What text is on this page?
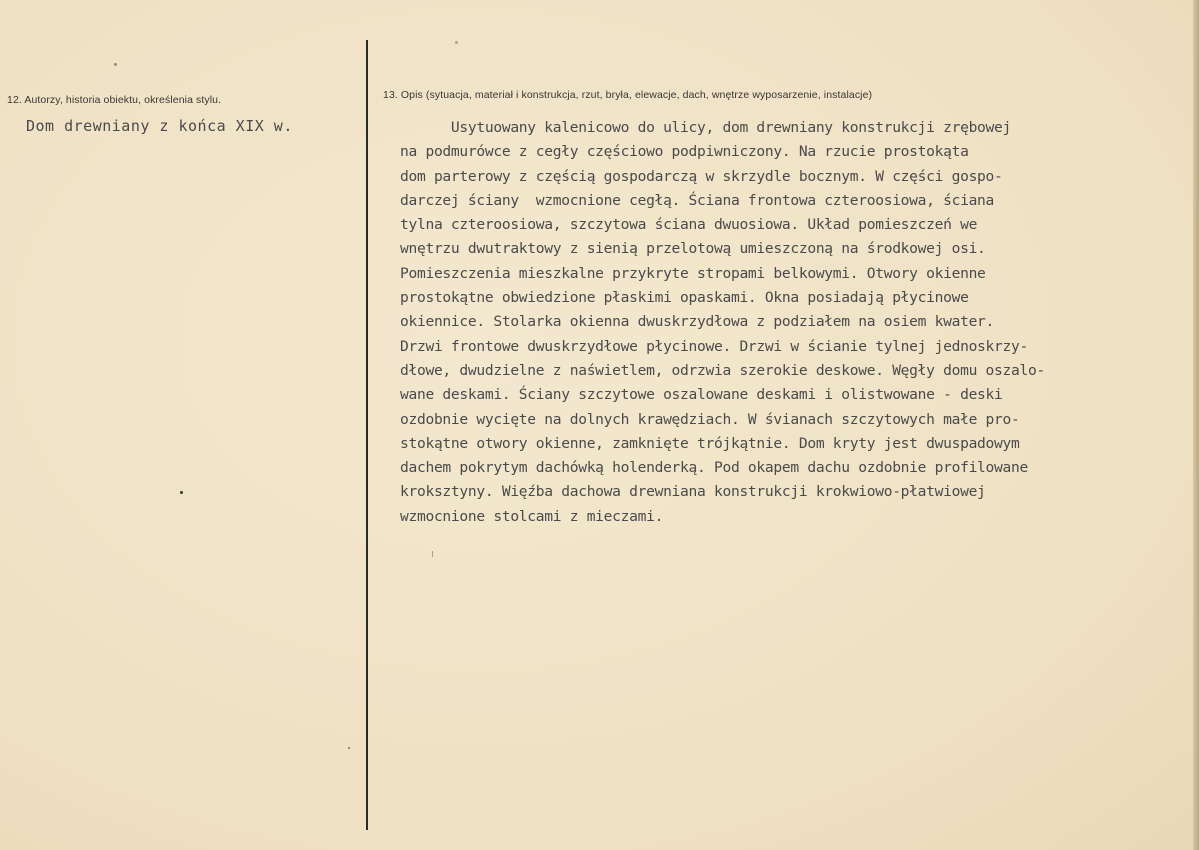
12. Autorzy, historia obiektu, określenia stylu.
Dom drewniany z końca XIX w.
13. Opis (sytuacja, materiał i konstrukcja, rzut, bryła, elewacje, dach, wnętrze wyposarzenie, instalacje)
Usytuowany kalenicowo do ulicy, dom drewniany konstrukcji zrębowej
na podmurówce z cegły częściowo podpiwniczony. Na rzucie prostokąta
dom parterowy z częścią gospodarczą w skrzydle bocznym. W części gospo-
darczej ściany  wzmocnione cegłą. Ściana frontowa czteroosiowa, ściana
tylna czteroosiowa, szczytowa ściana dwuosiowa. Układ pomieszczeń we
wnętrzu dwutraktowy z sienią przelotową umieszczoną na środkowej osi.
Pomieszczenia mieszkalne przykryte stropami belkowymi. Otwory okienne
prostokątne obwiedzione płaskimi opaskami. Okna posiadają płycinowe
okiennice. Stolarka okienna dwuskrzydłowa z podziałem na osiem kwater.
Drzwi frontowe dwuskrzydłowe płycinowe. Drzwi w ścianie tylnej jednoskrzy-
dłowe, dwudzielne z naświetlem, odrzwia szerokie deskowe. Węgły domu oszalo-
wane deskami. Ściany szczytowe oszalowane deskami i olistwowane - deski
ozdobnie wycięte na dolnych krawędziach. W śvianach szczytowych małe pro-
stokątne otwory okienne, zamknięte trójkątnie. Dom kryty jest dwuspadowym
dachem pokrytym dachówką holenderką. Pod okapem dachu ozdobnie profilowane
kroksztyny. Więźba dachowa drewniana konstrukcji krokwiowo-płatwiowej
wzmocnione stolcami z mieczami.
